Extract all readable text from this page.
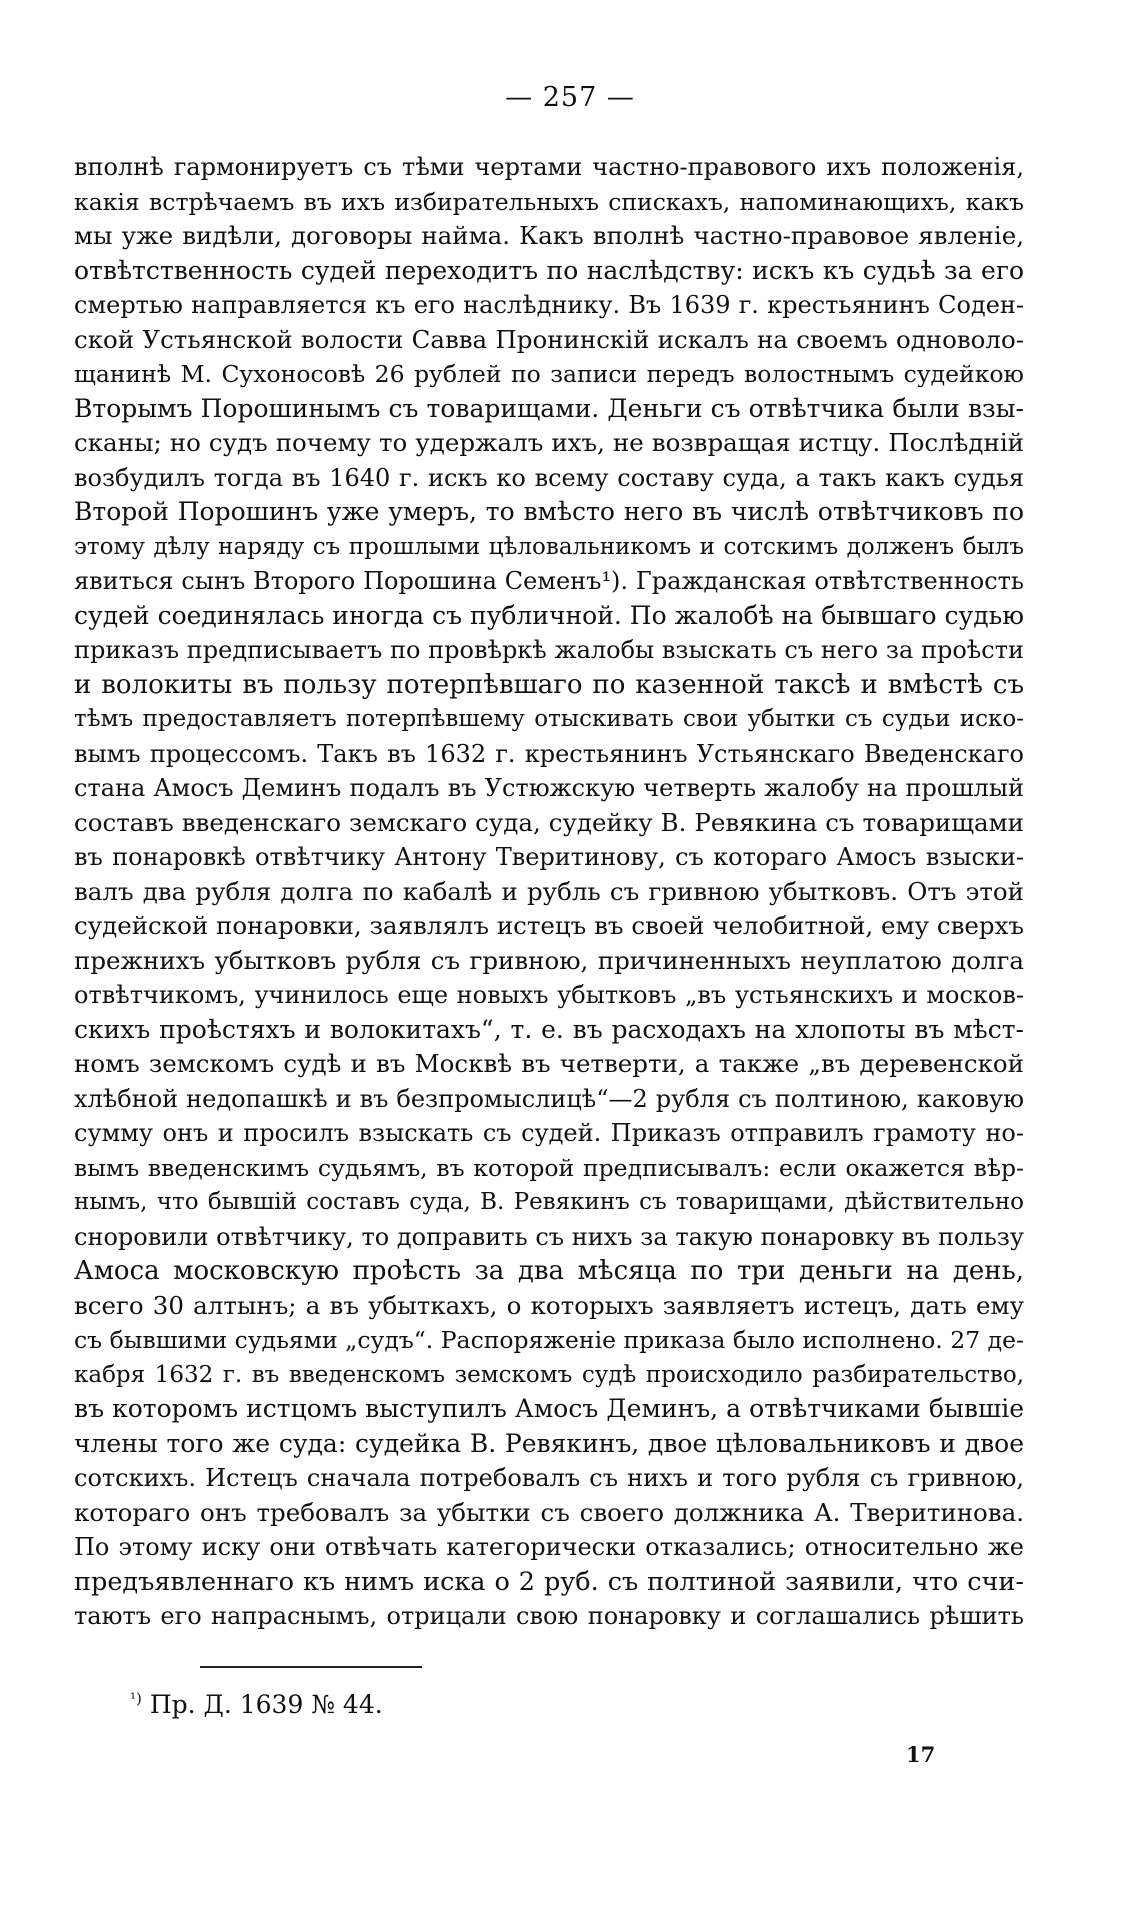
— 257 —
вполнѣ гармонируетъ съ тѣми чертами частно-правового ихъ положенія,
какія встрѣчаемъ въ ихъ избирательныхъ спискахъ, напоминающихъ, какъ
мы уже видѣли, договоры найма. Какъ вполнѣ частно-правовое явленіе,
отвѣтственность судей переходитъ по наслѣдству: искъ къ судьѣ за его
смертью направляется къ его наслѣднику. Въ 1639 г. крестьянинъ Соден-
ской Устьянской волости Савва Пронинскій искалъ на своемъ одноволо-
щанинѣ М. Сухоносовѣ 26 рублей по записи передъ волостнымъ судейкою
Вторымъ Порошинымъ съ товарищами. Деньги съ отвѣтчика были взы-
сканы; но судъ почему то удержалъ ихъ, не возвращая истцу. Послѣдній
возбудилъ тогда въ 1640 г. искъ ко всему составу суда, а такъ какъ судья
Второй Порошинъ уже умеръ, то вмѣсто него въ числѣ отвѣтчиковъ по
этому дѣлу наряду съ прошлыми цѣловальникомъ и сотскимъ долженъ былъ
явиться сынъ Второго Порошина Семенъ¹). Гражданская отвѣтственность
судей соединялась иногда съ публичной. По жалобѣ на бывшаго судью
приказъ предписываетъ по провѣркѣ жалобы взыскать съ него за проѣсти
и волокиты въ пользу потерпѣвшаго по казенной таксѣ и вмѣстѣ съ
тѣмъ предоставляетъ потерпѣвшему отыскивать свои убытки съ судьи иско-
вымъ процессомъ. Такъ въ 1632 г. крестьянинъ Устьянскаго Введенскаго
стана Амосъ Деминъ подалъ въ Устюжскую четверть жалобу на прошлый
составъ введенскаго земскаго суда, судейку В. Ревякина съ товарищами
въ понаровкѣ отвѣтчику Антону Тверитинову, съ котораго Амосъ взыски-
валъ два рубля долга по кабалѣ и рубль съ гривною убытковъ. Отъ этой
судейской понаровки, заявлялъ истецъ въ своей челобитной, ему сверхъ
прежнихъ убытковъ рубля съ гривною, причиненныхъ неуплатою долга
отвѣтчикомъ, учинилось еще новыхъ убытковъ „въ устьянскихъ и москов-
скихъ проѣстяхъ и волокитахъ“, т. е. въ расходахъ на хлопоты въ мѣст-
номъ земскомъ судѣ и въ Москвѣ въ четверти, а также „въ деревенской
хлѣбной недопашкѣ и въ безпромыслицѣ“—2 рубля съ полтиною, каковую
сумму онъ и просилъ взыскать съ судей. Приказъ отправилъ грамоту но-
вымъ введенскимъ судьямъ, въ которой предписывалъ: если окажется вѣр-
нымъ, что бывшій составъ суда, В. Ревякинъ съ товарищами, дѣйствительно
сноровили отвѣтчику, то доправить съ нихъ за такую понаровку въ пользу
Амоса московскую проѣсть за два мѣсяца по три деньги на день,
всего 30 алтынъ; а въ убыткахъ, о которыхъ заявляетъ истецъ, дать ему
съ бывшими судьями „судъ“. Распоряженіе приказа было исполнено. 27 де-
кабря 1632 г. въ введенскомъ земскомъ судѣ происходило разбирательство,
въ которомъ истцомъ выступилъ Амосъ Деминъ, а отвѣтчиками бывшіе
члены того же суда: судейка В. Ревякинъ, двое цѣловальниковъ и двое
сотскихъ. Истецъ сначала потребовалъ съ нихъ и того рубля съ гривною,
котораго онъ требовалъ за убытки съ своего должника А. Тверитинова.
По этому иску они отвѣчать категорически отказались; относительно же
предъявленнаго къ нимъ иска о 2 руб. съ полтиной заявили, что счи-
таютъ его напраснымъ, отрицали свою понаровку и соглашались рѣшить
$^{^1)}$ Пр. Д. 1639 № 44.
17
